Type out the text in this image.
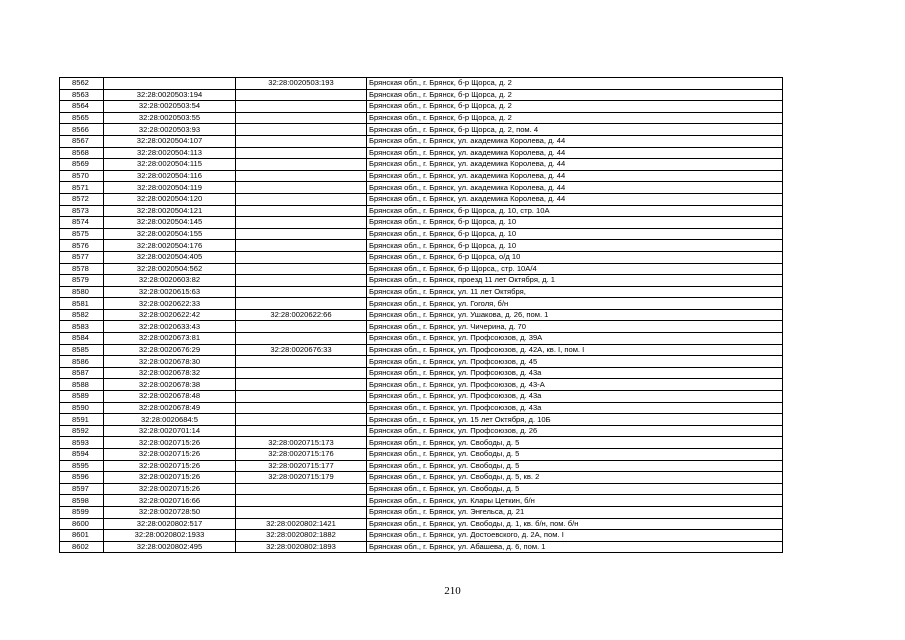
8562		32:28:0020503:193	Брянская обл., г. Брянск, б-р Щорса, д. 2
8563	32:28:0020503:194		Брянская обл., г. Брянск, б-р Щорса, д. 2
8564	32:28:0020503:54		Брянская обл., г. Брянск, б-р Щорса, д. 2
8565	32:28:0020503:55		Брянская обл., г. Брянск, б-р Щорса, д. 2
8566	32:28:0020503:93		Брянская обл., г. Брянск, б-р Щорса, д. 2, пом. 4
8567	32:28:0020504:107		Брянская обл., г. Брянск, ул. академика Королева, д. 44
8568	32:28:0020504:113		Брянская обл., г. Брянск, ул. академика Королева, д. 44
8569	32:28:0020504:115		Брянская обл., г. Брянск, ул. академика Королева, д. 44
8570	32:28:0020504:116		Брянская обл., г. Брянск, ул. академика Королева, д. 44
8571	32:28:0020504:119		Брянская обл., г. Брянск, ул. академика Королева, д. 44
8572	32:28:0020504:120		Брянская обл., г. Брянск, ул. академика Королева, д. 44
8573	32:28:0020504:121		Брянская обл., г. Брянск, б-р Щорса, д. 10, стр. 10А
8574	32:28:0020504:145		Брянская обл., г. Брянск, б-р Щорса, д. 10
8575	32:28:0020504:155		Брянская обл., г. Брянск, б-р Щорса, д. 10
8576	32:28:0020504:176		Брянская обл., г. Брянск, б-р Щорса, д. 10
8577	32:28:0020504:405		Брянская обл., г. Брянск, б-р Щорса, о/д 10
8578	32:28:0020504:562		Брянская обл., г. Брянск, б-р Щорса,, стр. 10А/4
8579	32:28:0020603:82		Брянская обл., г. Брянск, проезд 11 лет Октября, д. 1
8580	32:28:0020615:63		Брянская обл., г. Брянск, ул. 11 лет Октября,
8581	32:28:0020622:33		Брянская обл., г. Брянск, ул. Гоголя, б/н
8582	32:28:0020622:42	32:28:0020622:66	Брянская обл., г. Брянск, ул. Ушакова, д. 26, пом. 1
8583	32:28:0020633:43		Брянская обл., г. Брянск, ул. Чичерина, д. 70
8584	32:28:0020673:81		Брянская обл., г. Брянск, ул. Профсоюзов, д. 39А
8585	32:28:0020676:29	32:28:0020676:33	Брянская обл., г. Брянск, ул. Профсоюзов, д. 42А, кв. I, пом. I
8586	32:28:0020678:30		Брянская обл., г. Брянск, ул. Профсоюзов, д. 45
8587	32:28:0020678:32		Брянская обл., г. Брянск, ул. Профсоюзов, д. 43а
8588	32:28:0020678:38		Брянская обл., г. Брянск, ул. Профсоюзов, д. 43-А
8589	32:28:0020678:48		Брянская обл., г. Брянск, ул. Профсоюзов, д. 43а
8590	32:28:0020678:49		Брянская обл., г. Брянск, ул. Профсоюзов, д. 43а
8591	32:28:0020684:5		Брянская обл., г. Брянск, ул. 15 лет Октября, д. 10Б
8592	32:28:0020701:14		Брянская обл., г. Брянск, ул. Профсоюзов, д. 26
8593	32:28:0020715:26	32:28:0020715:173	Брянская обл., г. Брянск, ул. Свободы, д. 5
8594	32:28:0020715:26	32:28:0020715:176	Брянская обл., г. Брянск, ул. Свободы, д. 5
8595	32:28:0020715:26	32:28:0020715:177	Брянская обл., г. Брянск, ул. Свободы, д. 5
8596	32:28:0020715:26	32:28:0020715:179	Брянская обл., г. Брянск, ул. Свободы, д. 5, кв. 2
8597	32:28:0020715:26		Брянская обл., г. Брянск, ул. Свободы, д. 5
8598	32:28:0020716:66		Брянская обл., г. Брянск, ул. Клары Цеткин, б/н
8599	32:28:0020728:50		Брянская обл., г. Брянск, ул. Энгельса, д. 21
8600	32:28:0020802:517	32:28:0020802:1421	Брянская обл., г. Брянск, ул. Свободы, д. 1, кв. б/н, пом. б/н
8601	32:28:0020802:1933	32:28:0020802:1882	Брянская обл., г. Брянск, ул. Достоевского, д. 2А, пом. I
8602	32:28:0020802:495	32:28:0020802:1893	Брянская обл., г. Брянск, ул. Абашева, д. 6, пом. 1
210
